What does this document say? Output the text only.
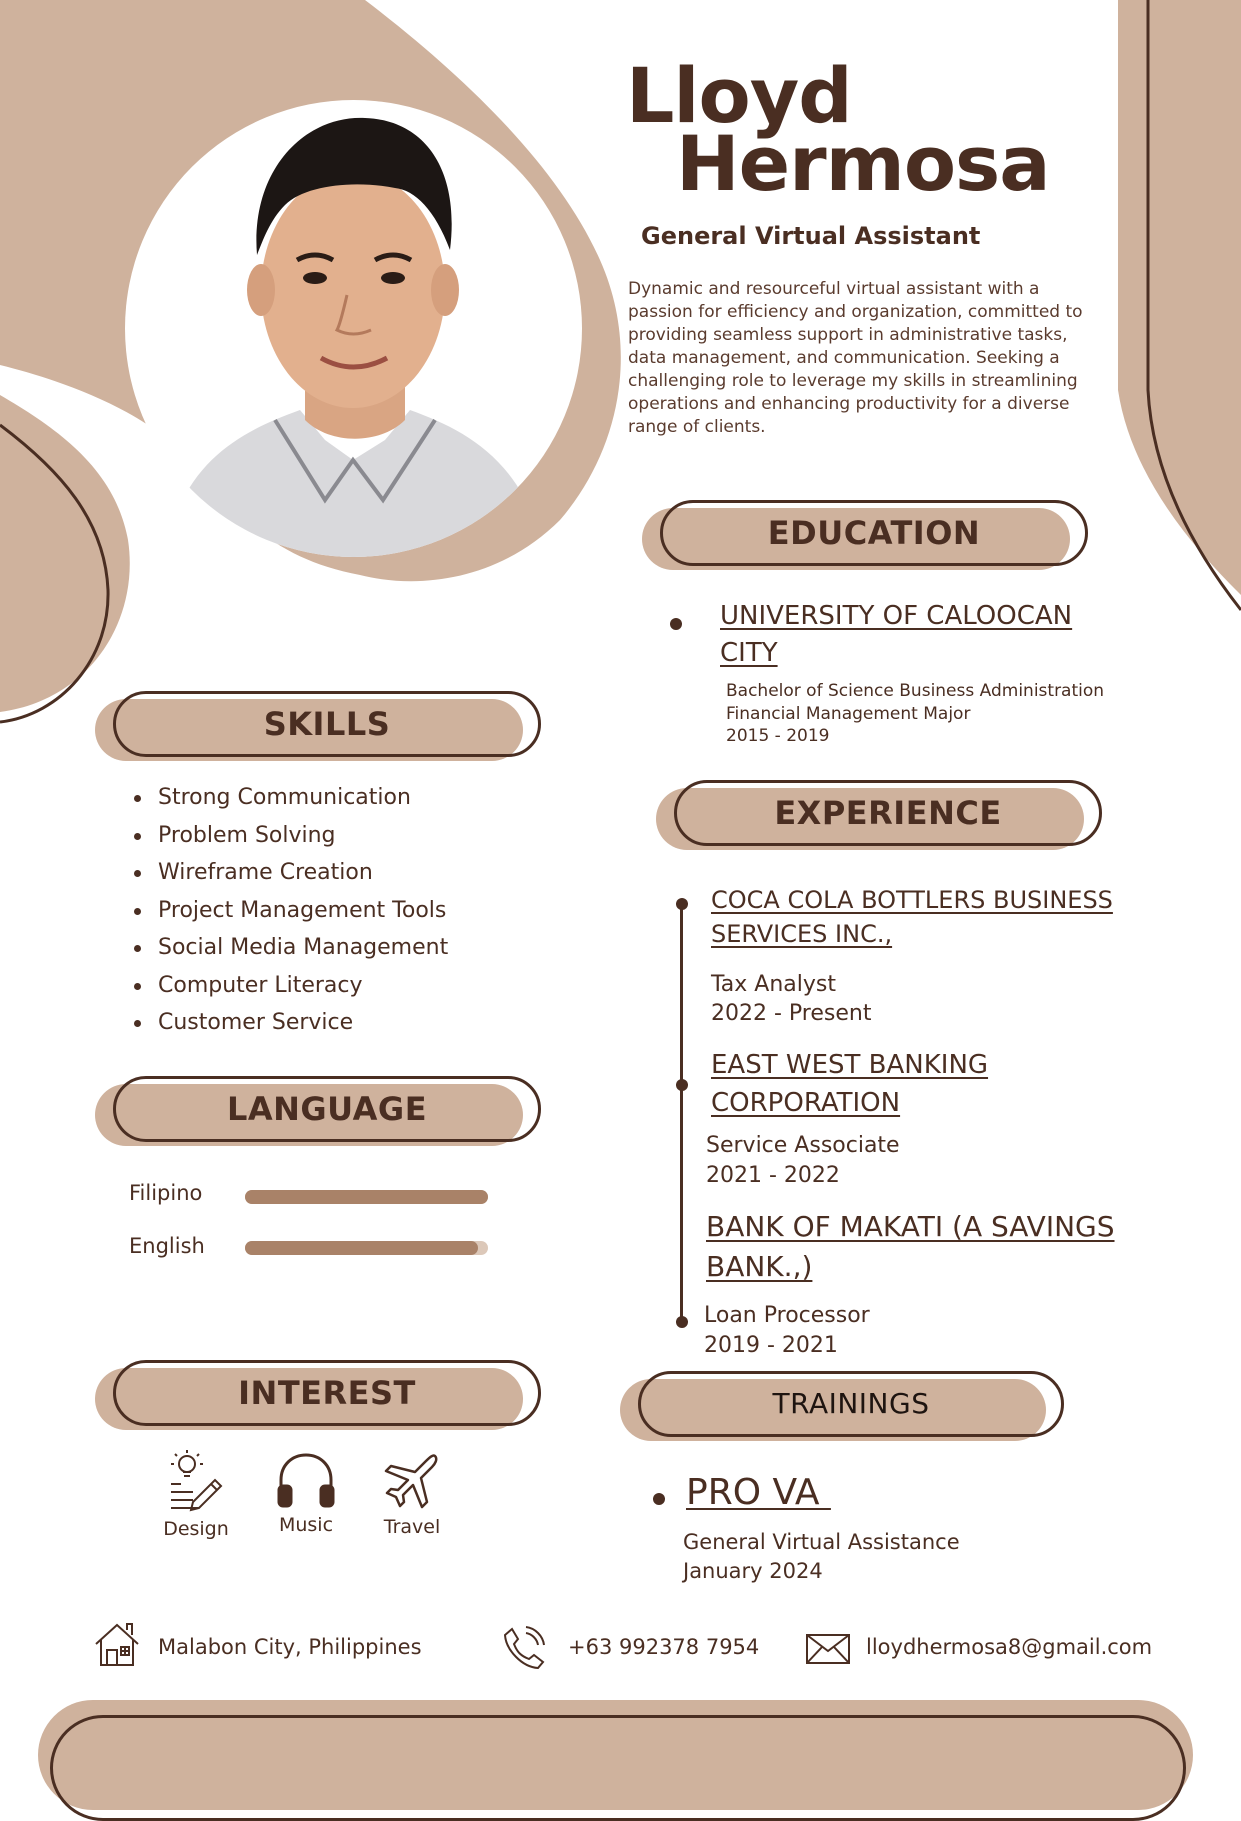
Lloyd
Hermosa
General Virtual Assistant
Dynamic and resourceful virtual assistant with a passion for efficiency and organization, committed to providing seamless support in administrative tasks, data management, and communication. Seeking a challenging role to leverage my skills in streamlining operations and enhancing productivity for a diverse range of clients.
EDUCATION
UNIVERSITY OF CALOOCAN
CITY
Bachelor of Science Business Administration
Financial Management Major
2015 - 2019
SKILLS
Strong Communication
Problem Solving
Wireframe Creation
Project Management Tools
Social Media Management
Computer Literacy
Customer Service
EXPERIENCE
COCA COLA BOTTLERS BUSINESS
SERVICES INC.,
Tax Analyst
2022 - Present
EAST WEST BANKING
CORPORATION
Service Associate
2021 - 2022
BANK OF MAKATI (A SAVINGS
BANK.,)
Loan Processor
2019 - 2021
LANGUAGE
Filipino
English
INTEREST
Design	Music	Travel
TRAININGS
PRO VA
General Virtual Assistance
January 2024
Malabon City, Philippines	+63 992378 7954	lloydhermosa8@gmail.com
